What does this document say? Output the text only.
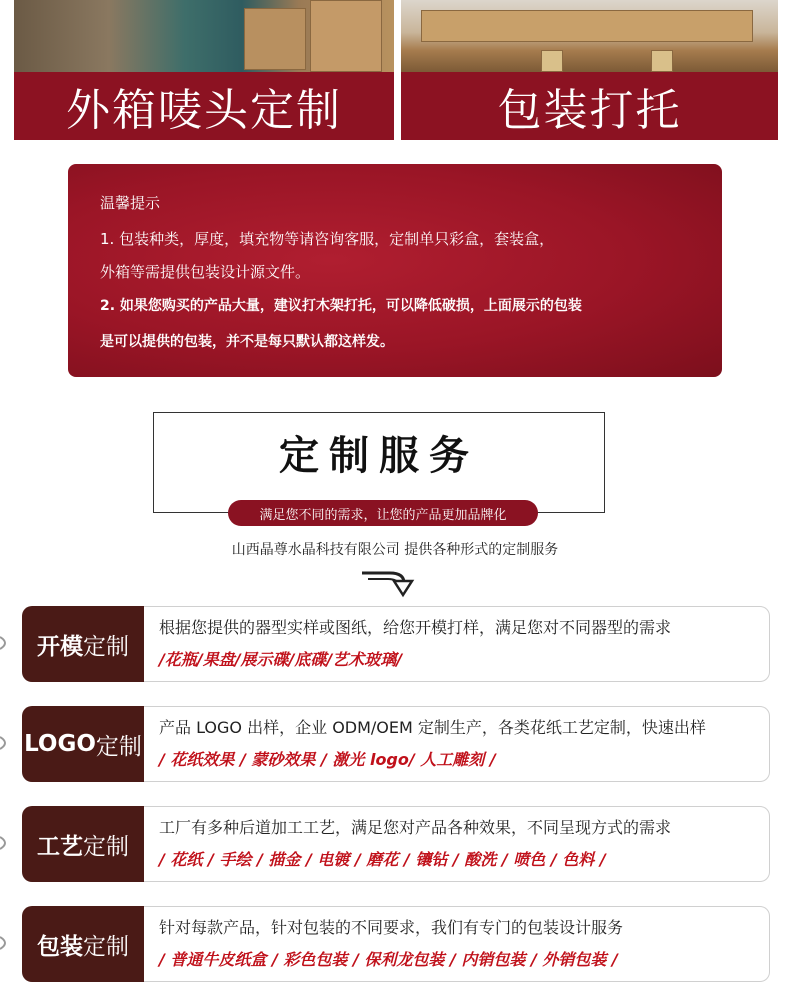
外箱唛头定制	包装打托
温馨提示
1. 包装种类，厚度，填充物等请咨询客服，定制单只彩盒，套装盒，
外箱等需提供包装设计源文件。
2. 如果您购买的产品大量，建议打木架打托，可以降低破损，上面展示的包装
是可以提供的包装，并不是每只默认都这样发。
定制服务
满足您不同的需求，让您的产品更加品牌化
山西晶尊水晶科技有限公司 提供各种形式的定制服务
开模 定制
根据您提供的器型实样或图纸，给您开模打样，满足您对不同器型的需求
/花瓶/果盘/展示碟/底碟/艺术玻璃/
LOGO 定制
产品 LOGO 出样，企业 ODM/OEM 定制生产，各类花纸工艺定制，快速出样
/ 花纸效果 / 蒙砂效果 / 激光 logo/ 人工雕刻 /
工艺 定制
工厂有多种后道加工工艺，满足您对产品各种效果，不同呈现方式的需求
/ 花纸 / 手绘 / 描金 / 电镀 / 磨花 / 镶钻 / 酸洗 / 喷色 / 色料 /
包装 定制
针对每款产品，针对包装的不同要求，我们有专门的包装设计服务
/ 普通牛皮纸盒 / 彩色包装 / 保利龙包装 / 内销包装 / 外销包装 /
